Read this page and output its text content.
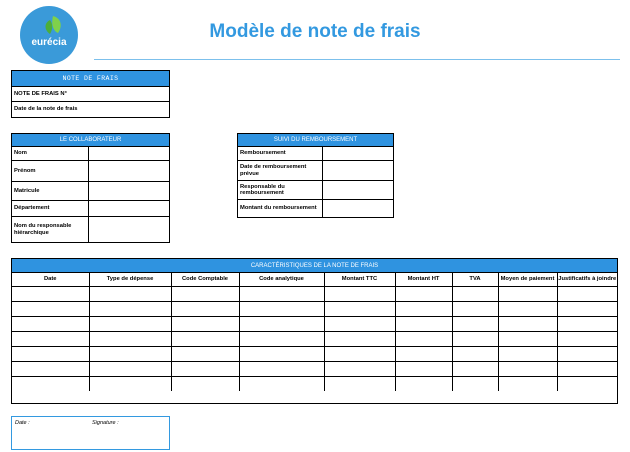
eurécia
Modèle de note de frais
NOTE DE FRAIS
NOTE DE FRAIS N°
Date de la note de frais
LE COLLABORATEUR
Nom
Prénom
Matricule
Département
Nom du responsable hiérarchique
SUIVI DU REMBOURSEMENT
Remboursement
Date de remboursement prévue
Responsable du remboursement
Montant du remboursement
CARACTÉRISTIQUES DE LA NOTE DE FRAIS
Date	Type de dépense	Code Comptable	Code analytique	Montant TTC	Montant HT	TVA	Moyen de paiement	Justificatifs à joindre

Date :	Signature :
